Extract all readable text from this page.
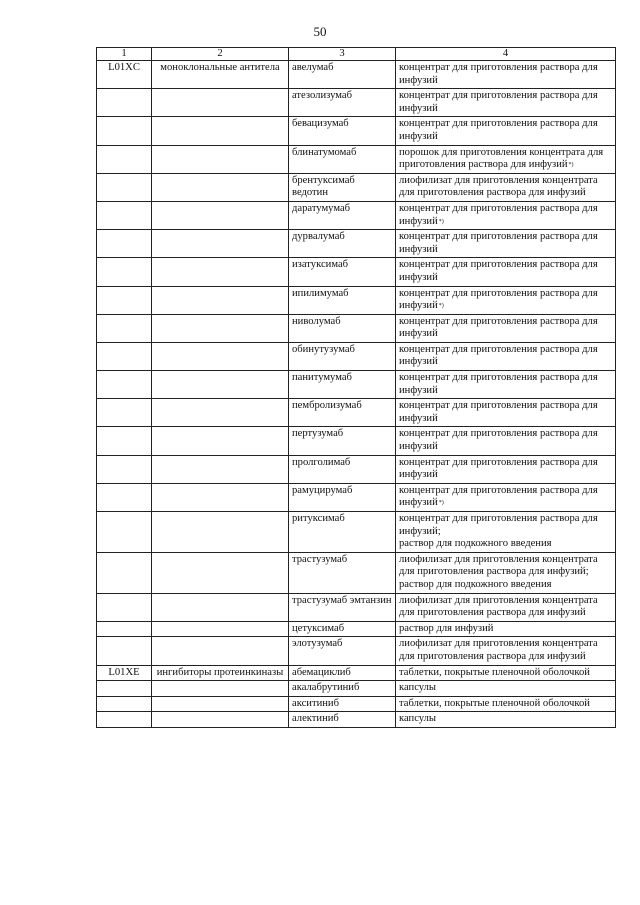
50
1	2	3	4
L01XC	моноклональные антитела	авелумаб	концентрат для приготовления раствора для инфузий

		атезолизумаб	концентрат для приготовления раствора для инфузий

		бевацизумаб	концентрат для приготовления раствора для инфузий

		блинатумомаб	порошок для приготовления концентрата для приготовления раствора для инфузий*)
		брентуксимаб ведотин	лиофилизат для приготовления концентрата для приготовления раствора для инфузий

		даратумумаб	концентрат для приготовления раствора для инфузий*)
		дурвалумаб	концентрат для приготовления раствора для инфузий

		изатуксимаб	концентрат для приготовления раствора для инфузий

		ипилимумаб	концентрат для приготовления раствора для инфузий*)
		ниволумаб	концентрат для приготовления раствора для инфузий

		обинутузумаб	концентрат для приготовления раствора для инфузий

		панитумумаб	концентрат для приготовления раствора для инфузий

		пембролизумаб	концентрат для приготовления раствора для инфузий

		пертузумаб	концентрат для приготовления раствора для инфузий

		пролголимаб	концентрат для приготовления раствора для инфузий

		рамуцирумаб	концентрат для приготовления раствора для инфузий*)
		ритуксимаб	концентрат для приготовления раствора для инфузий;
раствор для подкожного введения

		трастузумаб	лиофилизат для приготовления концентрата для приготовления раствора для инфузий;
раствор для подкожного введения

		трастузумаб эмтанзин	лиофилизат для приготовления концентрата для приготовления раствора для инфузий

		цетуксимаб	раствор для инфузий

		элотузумаб	лиофилизат для приготовления концентрата для приготовления раствора для инфузий

L01XE	ингибиторы протеинкиназы	абемациклиб	таблетки, покрытые пленочной оболочкой

		акалабрутиниб	капсулы

		акситиниб	таблетки, покрытые пленочной оболочкой

		алектиниб	капсулы
